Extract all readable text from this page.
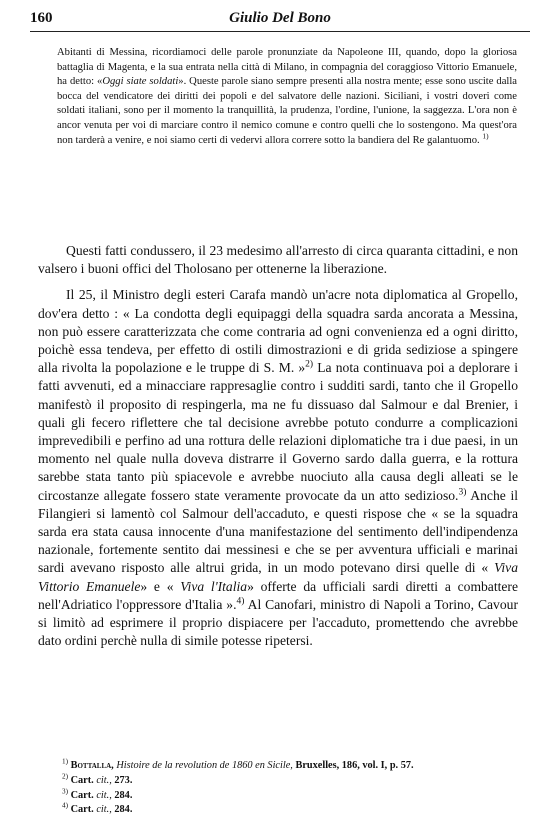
160	Giulio Del Bono
Abitanti di Messina, ricordiamoci delle parole pronunziate da Napoleone III, quando, dopo la gloriosa battaglia di Magenta, e la sua entrata nella città di Milano, in compagnia del coraggioso Vittorio Emanuele, ha detto: «Oggi siate soldati». Queste parole siano sempre presenti alla nostra mente; esse sono uscite dalla bocca del vendicatore dei diritti dei popoli e del salvatore delle nazioni. Siciliani, i vostri doveri come soldati italiani, sono per il momento la tranquillità, la prudenza, l'ordine, l'unione, la saggezza. L'ora non è ancor venuta per voi di marciare contro il nemico comune e contro quelli che lo sostengono. Ma quest'ora non tarderà a venire, e noi siamo certi di vedervi allora correre sotto la bandiera del Re galantuomo. $^{1)}$

Questi fatti condussero, il 23 medesimo all'arresto di circa quaranta cittadini, e non valsero i buoni offici del Tholosano per ottenerne la liberazione.

Il 25, il Ministro degli esteri Carafa mandò un'acre nota diplomatica al Gropello, dov'era detto : « La condotta degli equipaggi della squadra sarda ancorata a Messina, non può essere caratterizzata che come contraria ad ogni convenienza ed a ogni diritto, poichè essa tendeva, per effetto di ostili dimostrazioni e di grida sediziose a spingere alla rivolta la popolazione e le truppe di S. M. »$^{2)}$ La nota continuava poi a deplorare i fatti avvenuti, ed a minacciare rappresaglie contro i sudditi sardi, tanto che il Gropello manifestò il proposito di respingerla, ma ne fu dissuaso dal Salmour e dal Brenier, i quali gli fecero riflettere che tal decisione avrebbe potuto condurre a complicazioni imprevedibili e perfino ad una rottura delle relazioni diplomatiche tra i due paesi, in un momento nel quale nulla doveva distrarre il Governo sardo dalla guerra, e la rottura sarebbe stata tanto più spiacevole e avrebbe nuociuto alla causa degli alleati se le circostanze allegate fossero state veramente provocate da un atto sedizioso.$^{3)}$ Anche il Filangieri si lamentò col Salmour dell'accaduto, e questi rispose che « se la squadra sarda era stata causa innocente d'una manifestazione del sentimento dell'indipendenza nazionale, fortemente sentito dai messinesi e che se per avventura ufficiali e marinai sardi avevano risposto alle altrui grida, in un modo potevano dirsi quelle di « Viva Vittorio Emanuele» e « Viva l'Italia» offerte da ufficiali sardi diretti a combattere nell'Adriatico l'oppressore d'Italia ».$^{4)}$ Al Canofari, ministro di Napoli a Torino, Cavour si limitò ad esprimere il proprio dispiacere per l'accaduto, promettendo che avrebbe dato ordini perchè nulla di simile potesse ripetersi.

$^{1)}$ Bottalla, Histoire de la revolution de 1860 en Sicile, Bruxelles, 186, vol. I, p. 57.
$^{2)}$ Cart. cit., 273.
$^{3)}$ Cart. cit., 284.
$^{4)}$ Cart. cit., 284.
